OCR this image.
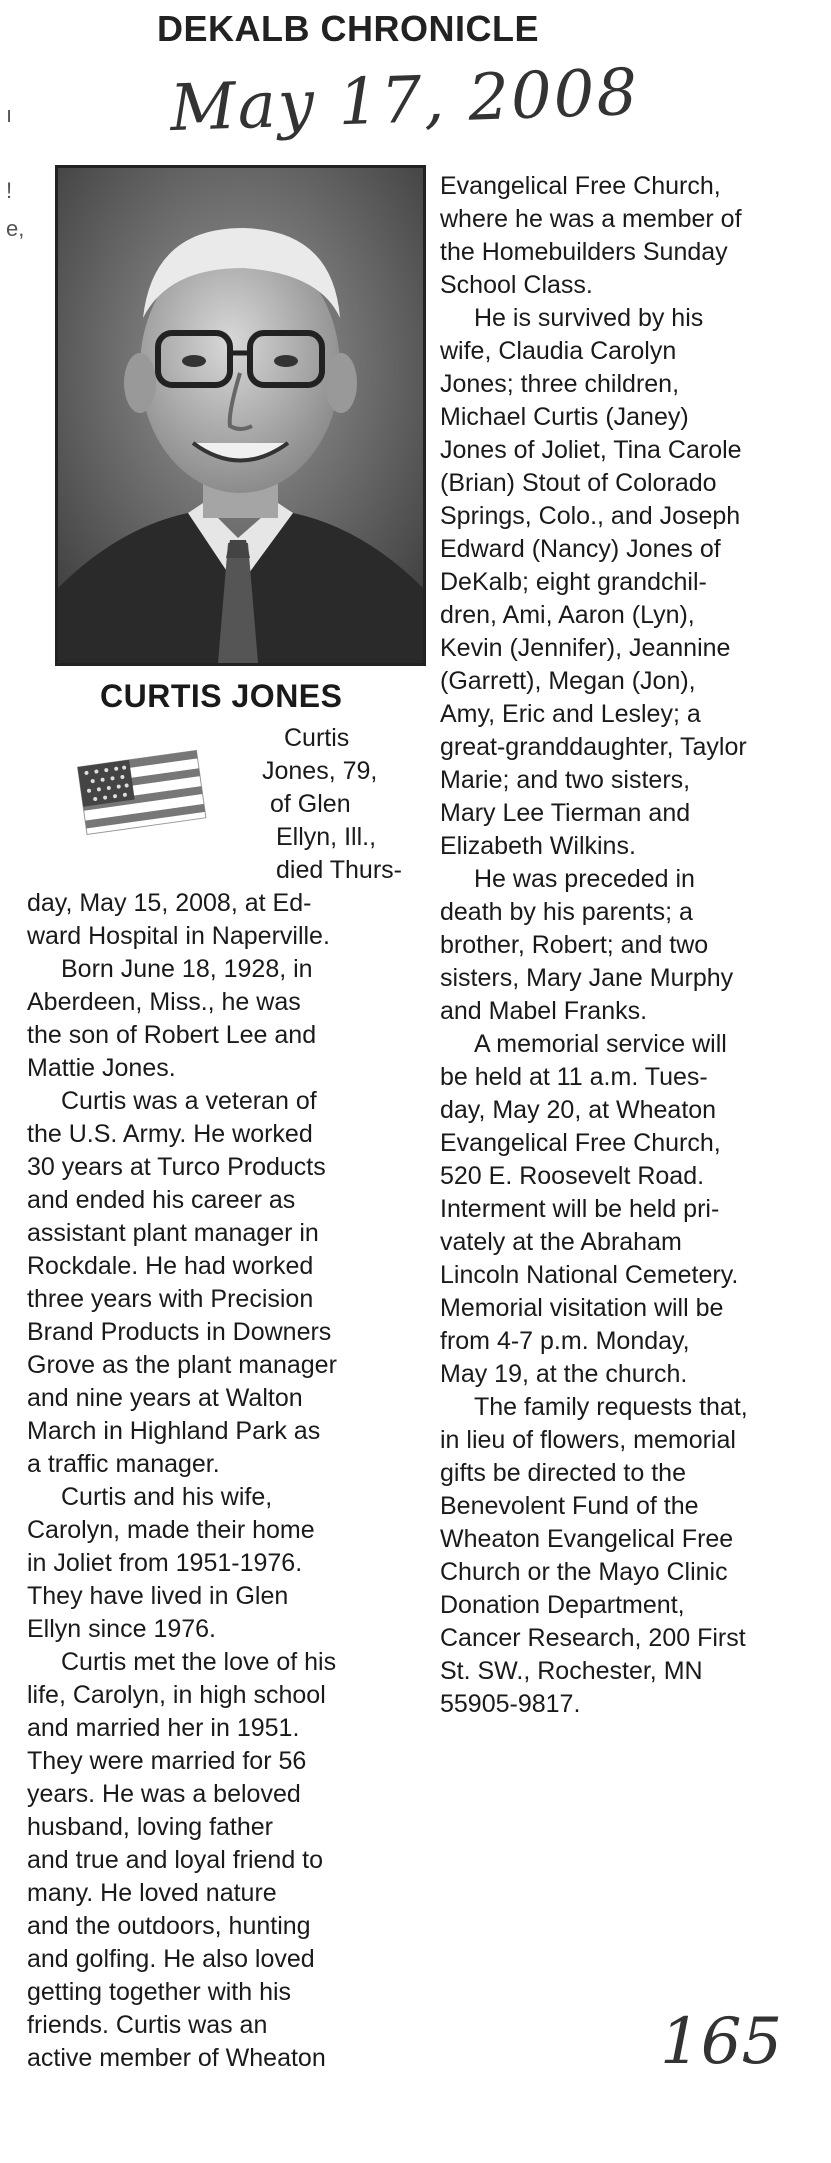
DEKALB CHRONICLE
May 17, 2008
ı

!
e,
CURTIS JONES
Curtis
Jones, 79,
of Glen
Ellyn, Ill.,
died Thurs-
day, May 15, 2008, at Ed-
ward Hospital in Naperville.
Born June 18, 1928, in
Aberdeen, Miss., he was
the son of Robert Lee and
Mattie Jones.
Curtis was a veteran of
the U.S. Army. He worked
30 years at Turco Products
and ended his career as
assistant plant manager in
Rockdale. He had worked
three years with Precision
Brand Products in Downers
Grove as the plant manager
and nine years at Walton
March in Highland Park as
a traffic manager.
Curtis and his wife,
Carolyn, made their home
in Joliet from 1951-1976.
They have lived in Glen
Ellyn since 1976.
Curtis met the love of his
life, Carolyn, in high school
and married her in 1951.
They were married for 56
years. He was a beloved
husband, loving father
and true and loyal friend to
many. He loved nature
and the outdoors, hunting
and golfing. He also loved
getting together with his
friends. Curtis was an
active member of Wheaton
Evangelical Free Church,
where he was a member of
the Homebuilders Sunday
School Class.
He is survived by his
wife, Claudia Carolyn
Jones; three children,
Michael Curtis (Janey)
Jones of Joliet, Tina Carole
(Brian) Stout of Colorado
Springs, Colo., and Joseph
Edward (Nancy) Jones of
DeKalb; eight grandchil-
dren, Ami, Aaron (Lyn),
Kevin (Jennifer), Jeannine
(Garrett), Megan (Jon),
Amy, Eric and Lesley; a
great-granddaughter, Taylor
Marie; and two sisters,
Mary Lee Tierman and
Elizabeth Wilkins.
He was preceded in
death by his parents; a
brother, Robert; and two
sisters, Mary Jane Murphy
and Mabel Franks.
A memorial service will
be held at 11 a.m. Tues-
day, May 20, at Wheaton
Evangelical Free Church,
520 E. Roosevelt Road.
Interment will be held pri-
vately at the Abraham
Lincoln National Cemetery.
Memorial visitation will be
from 4-7 p.m. Monday,
May 19, at the church.
The family requests that,
in lieu of flowers, memorial
gifts be directed to the
Benevolent Fund of the
Wheaton Evangelical Free
Church or the Mayo Clinic
Donation Department,
Cancer Research, 200 First
St. SW., Rochester, MN
55905-9817.
165
